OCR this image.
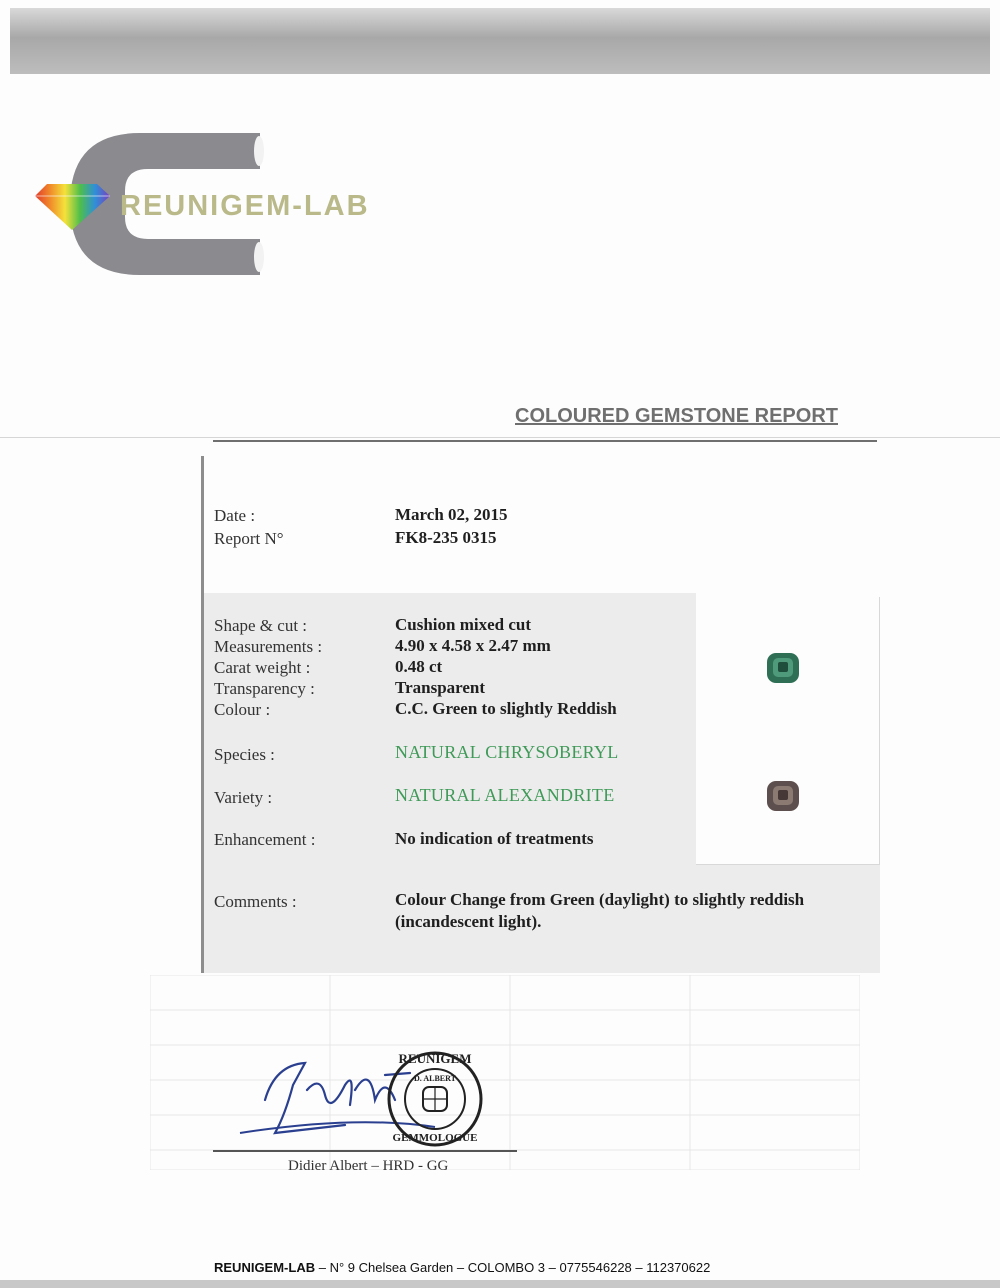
REUNIGEM-LAB
COLOURED GEMSTONE REPORT
Date :	March 02, 2015
Report N°	FK8-235 0315
Shape & cut :	Cushion mixed cut
Measurements :	4.90 x 4.58 x 2.47 mm
Carat weight :	0.48 ct
Transparency :	Transparent
Colour :	C.C. Green to slightly Reddish
Species :	NATURAL CHRYSOBERYL
Variety :	NATURAL ALEXANDRITE
Enhancement :	No indication of treatments
Comments :	Colour Change from Green (daylight) to slightly reddish (incandescent light).
REUNIGEM
D. ALBERT
GEMMOLOGUE
Didier Albert – HRD - GG
REUNIGEM-LAB – N° 9 Chelsea Garden – COLOMBO 3 – 0775546228 – 112370622
